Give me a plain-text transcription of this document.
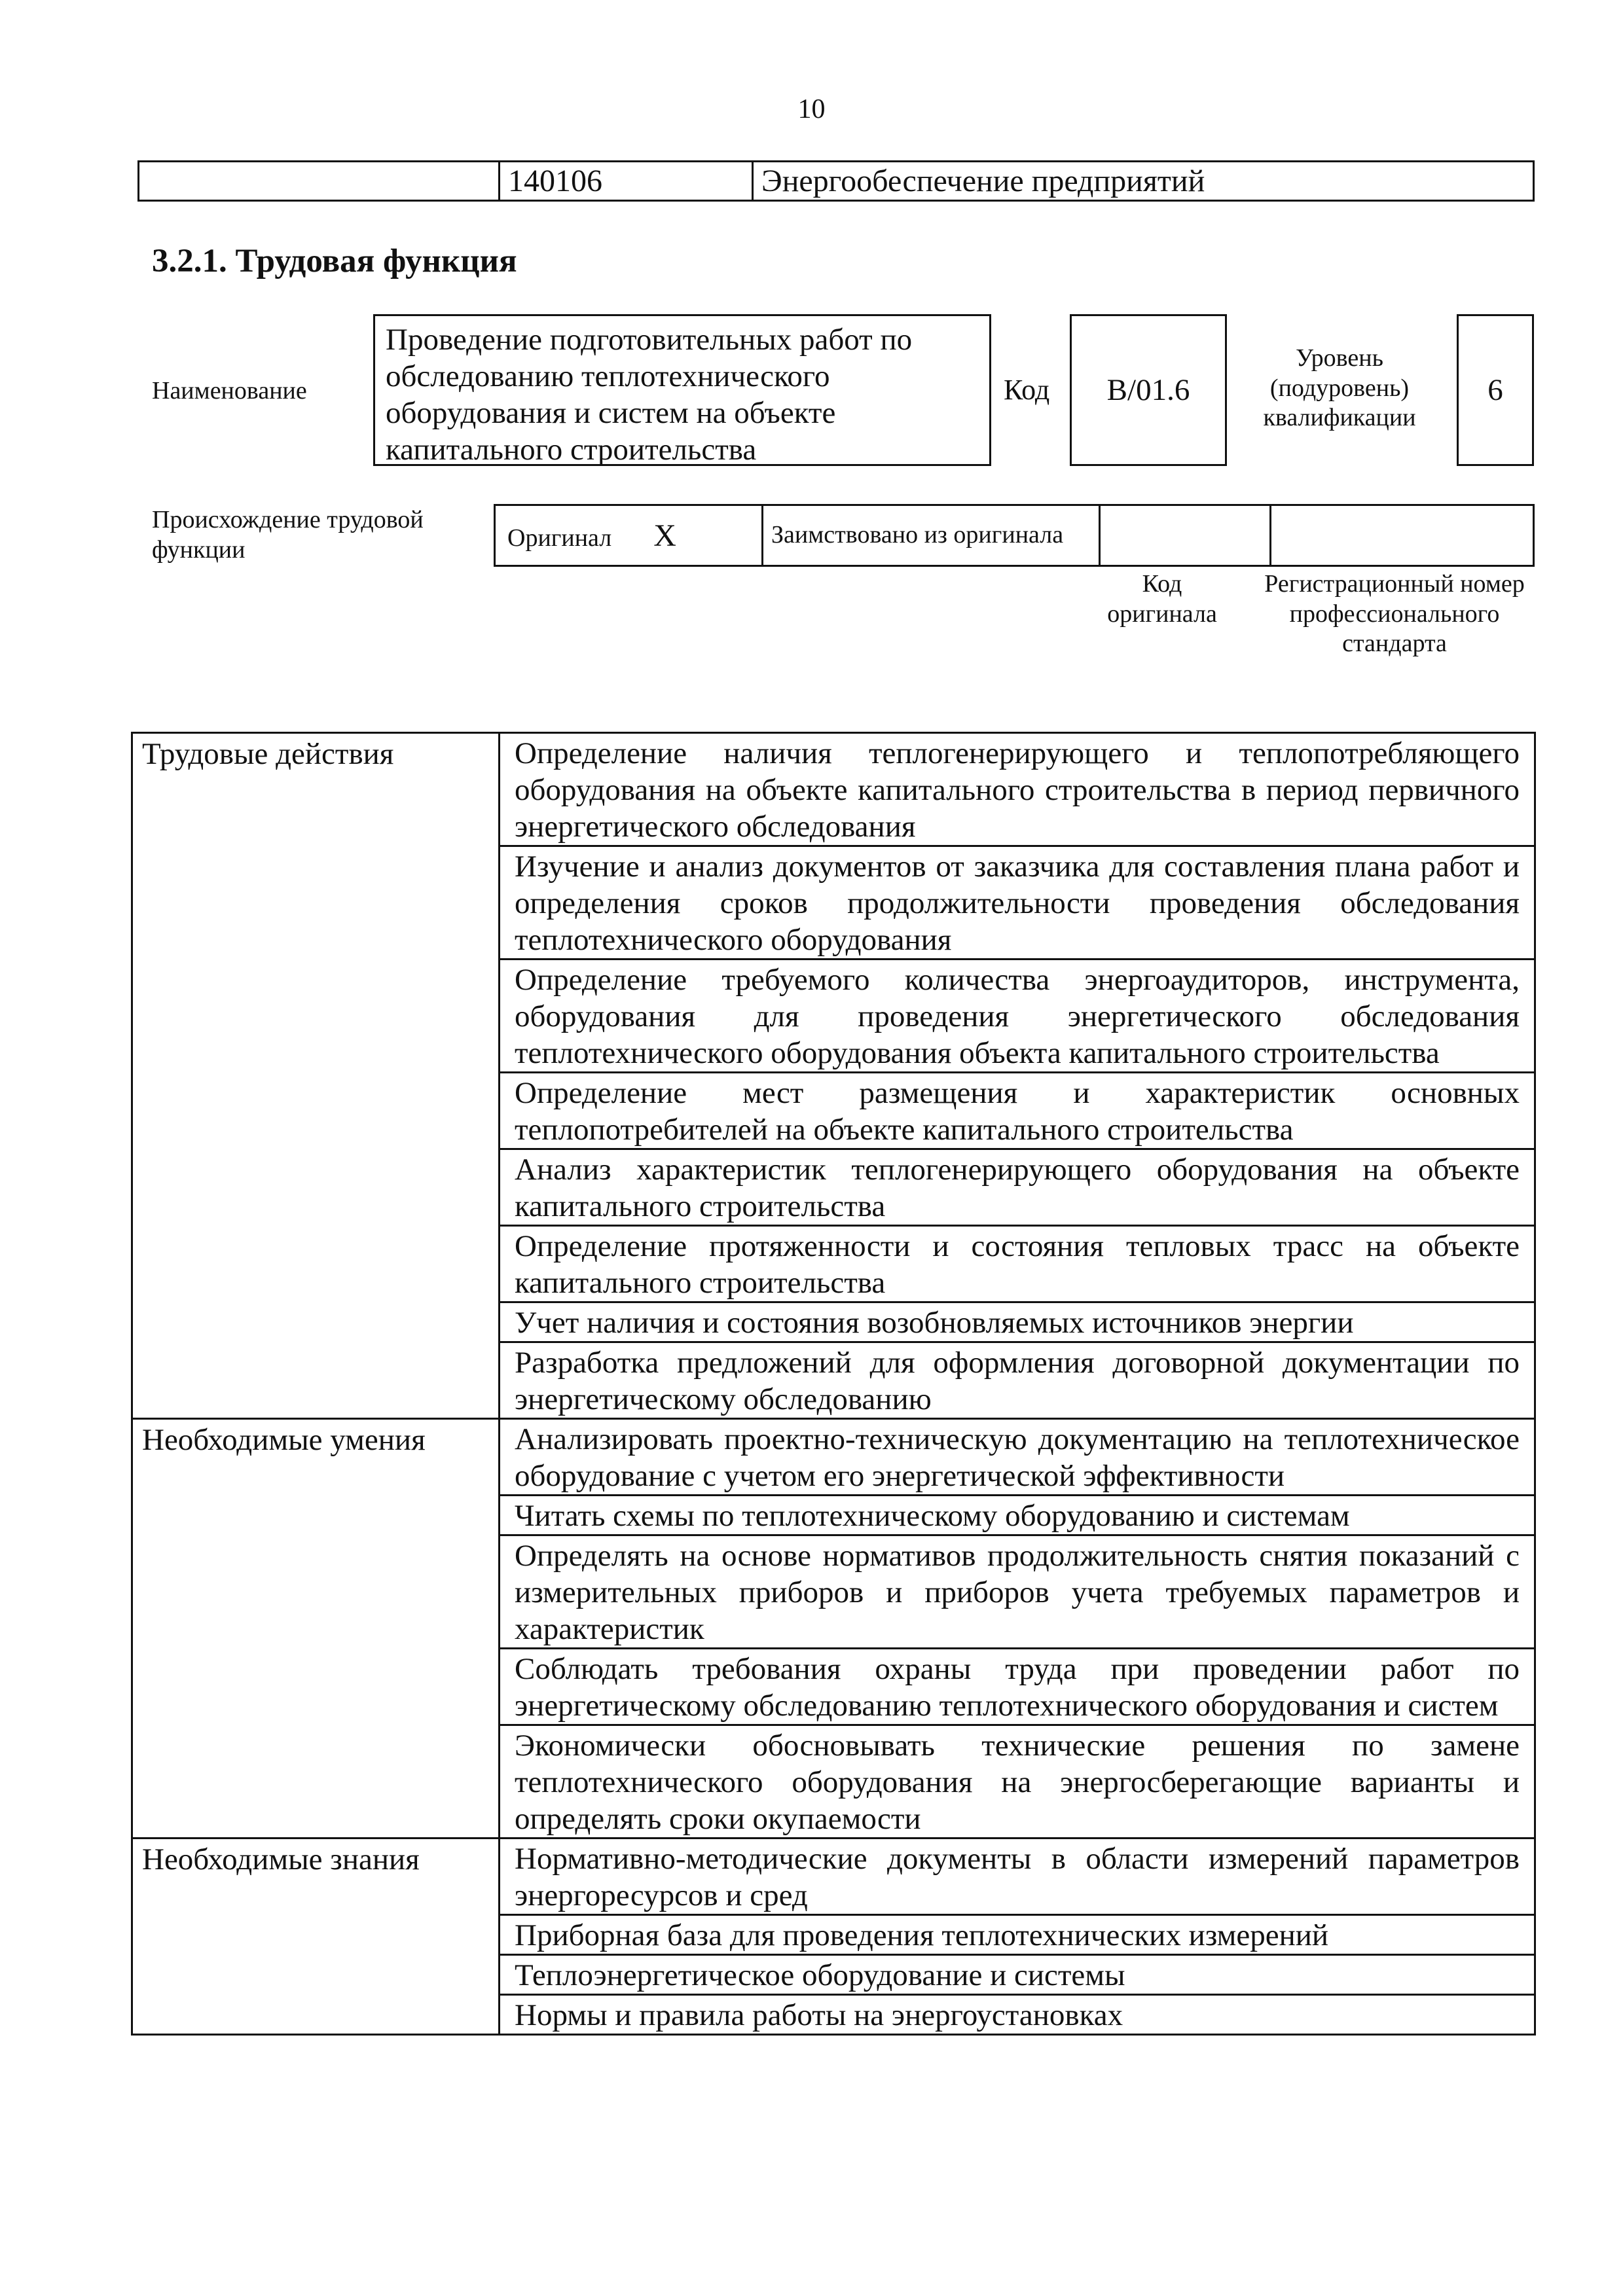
10
	140106	Энергообеспечение предприятий
3.2.1. Трудовая функция
Наименование
Проведение подготовительных работ по обследованию теплотехнического оборудования и систем на объекте капитального строительства
Код	B/01.6
Уровень (подуровень) квалификации
6
Происхождение трудовой функции	Оригинал X	Заимствовано из оригинала		
Код оригинала
Регистрационный номер профессионального стандарта
Трудовые действия	Определение наличия теплогенерирующего и теплопотребляющего оборудования на объекте капитального строительства в период первичного энергетического обследования
	Изучение и анализ документов от заказчика для составления плана работ и определения сроков продолжительности проведения обследования теплотехнического оборудования
	Определение требуемого количества энергоаудиторов, инструмента, оборудования для проведения энергетического обследования теплотехнического оборудования объекта капитального строительства
	Определение мест размещения и характеристик основных теплопотребителей на объекте капитального строительства
	Анализ характеристик теплогенерирующего оборудования на объекте капитального строительства
	Определение протяженности и состояния тепловых трасс на объекте капитального строительства
	Учет наличия и состояния возобновляемых источников энергии
	Разработка предложений для оформления договорной документации по энергетическому обследованию
Необходимые умения	Анализировать проектно-техническую документацию на теплотехническое оборудование с учетом его энергетической эффективности
	Читать схемы по теплотехническому оборудованию и системам
	Определять на основе нормативов продолжительность снятия показаний с измерительных приборов и приборов учета требуемых параметров и характеристик
	Соблюдать требования охраны труда при проведении работ по энергетическому обследованию теплотехнического оборудования и систем
	Экономически обосновывать технические решения по замене теплотехнического оборудования на энергосберегающие варианты и определять сроки окупаемости
Необходимые знания	Нормативно-методические документы в области измерений параметров энергоресурсов и сред
	Приборная база для проведения теплотехнических измерений
	Теплоэнергетическое оборудование и системы
	Нормы и правила работы на энергоустановках
